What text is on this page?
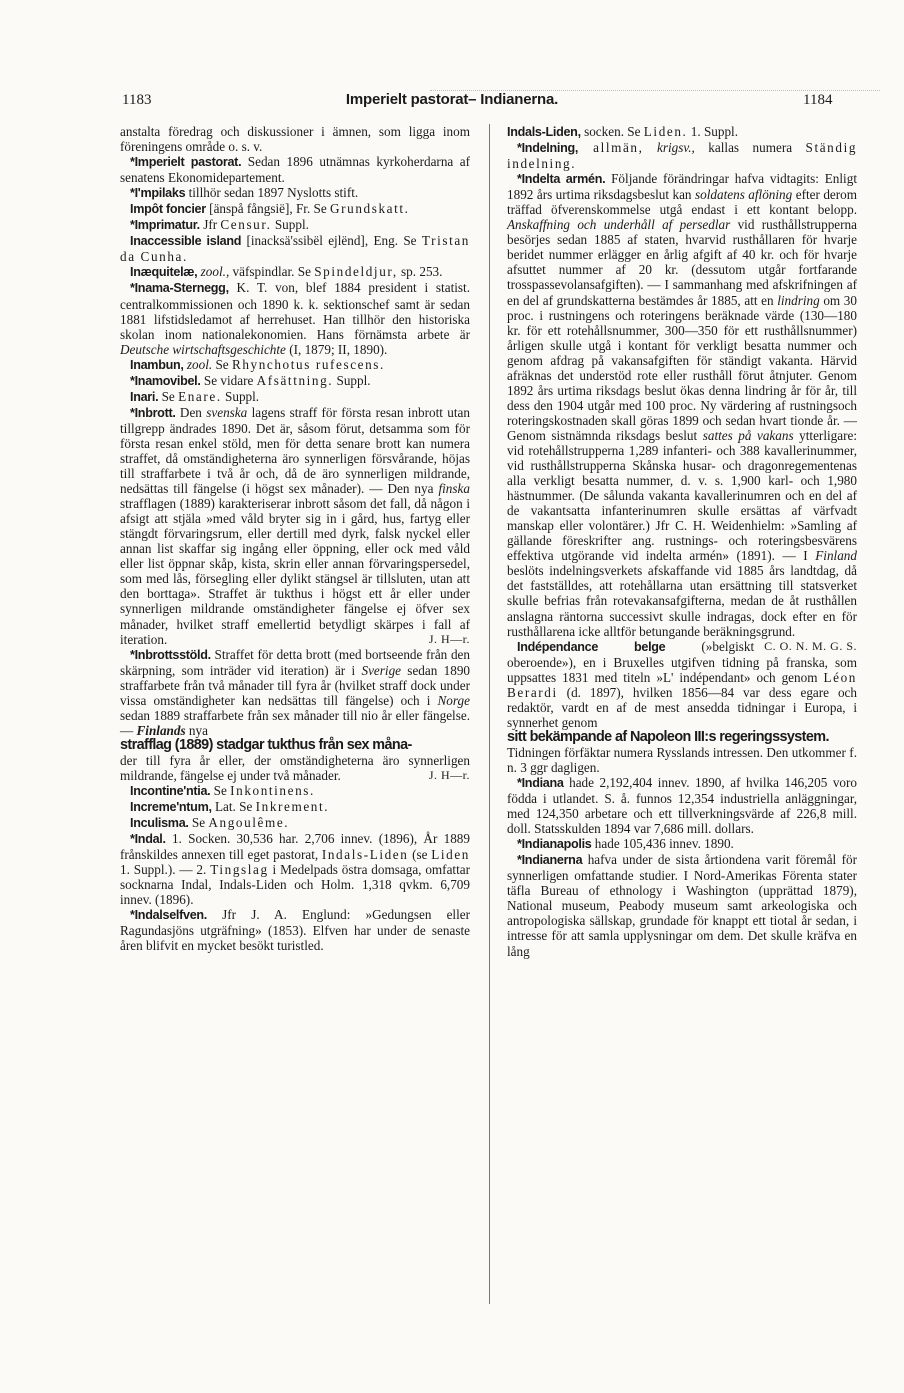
1183	Imperielt pastorat– Indianerna.	1184

anstalta föredrag och diskussioner i ämnen, som ligga inom föreningens område o. s. v.

*Imperielt pastorat. Sedan 1896 utnämnas kyrkoherdarna af senatens Ekonomidepartement.

*I'mpilaks tillhör sedan 1897 Nyslotts stift.

Impôt foncier [änspå fångsië], Fr. Se Grundskatt.

*Imprimatur. Jfr Censur. Suppl.

Inaccessible island [inacksä'ssibël ejlënd], Eng. Se Tristan da Cunha.

Inæquitelæ, zool., väfspindlar. Se Spindeldjur, sp. 253.

*Inama-Sternegg, K. T. von, blef 1884 president i statist. centralkommissionen och 1890 k. k. sektionschef samt är sedan 1881 lifstidsledamot af herrehuset. Han tillhör den historiska skolan inom nationalekonomien. Hans förnämsta arbete är Deutsche wirtschaftsgeschichte (I, 1879; II, 1890).

Inambun, zool. Se Rhynchotus rufescens.

*Inamovibel. Se vidare Afsättning. Suppl.

Inari. Se Enare. Suppl.

*Inbrott. Den svenska lagens straff för första resan inbrott utan tillgrepp ändrades 1890. Det är, såsom förut, detsamma som för första resan enkel stöld, men för detta senare brott kan numera straffet, då omständigheterna äro synnerligen försvårande, höjas till straffarbete i två år och, då de äro synnerligen mildrande, nedsättas till fängelse (i högst sex månader). — Den nya finska strafflagen (1889) karakteriserar inbrott såsom det fall, då någon i afsigt att stjäla »med våld bryter sig in i gård, hus, fartyg eller stängdt förvaringsrum, eller dertill med dyrk, falsk nyckel eller annan list skaffar sig ingång eller öppning, eller ock med våld eller list öppnar skåp, kista, skrin eller annan förvaringspersedel, som med lås, försegling eller dylikt stängsel är tillsluten, utan att den borttaga». Straffet är tukthus i högst ett år eller under synnerligen mildrande omständigheter fängelse ej öfver sex månader, hvilket straff emellertid betydligt skärpes i fall af iteration.	J. H—r.

*Inbrottsstöld. Straffet för detta brott (med bortseende från den skärpning, som inträder vid iteration) är i Sverige sedan 1890 straffarbete från två månader till fyra år (hvilket straff dock under vissa omständigheter kan nedsättas till fängelse) och i Norge sedan 1889 straffarbete från sex månader till nio år eller fängelse. — Finlands nya
strafflag (1889) stadgar tukthus från sex måna-
der till fyra år eller, der omständigheterna äro synnerligen mildrande, fängelse ej under två månader.	J. H—r.

Incontine'ntia. Se Inkontinens.

Increme'ntum, Lat. Se Inkrement.

Inculisma. Se Angoulême.

*Indal. 1. Socken. 30,536 har. 2,706 innev. (1896), År 1889 frånskildes annexen till eget pastorat, Indals-Liden (se Liden 1. Suppl.). — 2. Tingslag i Medelpads östra domsaga, omfattar socknarna Indal, Indals-Liden och Holm. 1,318 qvkm. 6,709 innev. (1896).

*Indalselfven. Jfr J. A. Englund: »Gedungsen eller Ragundasjöns utgräfning» (1853). Elfven har under de senaste åren blifvit en mycket besökt turistled.

Indals-Liden, socken. Se Liden. 1. Suppl.

*Indelning, allmän, krigsv., kallas numera Ständig indelning.

*Indelta armén. Följande förändringar hafva vidtagits: Enligt 1892 års urtima riksdagsbeslut kan soldatens aflöning efter derom träffad öfverenskommelse utgå endast i ett kontant belopp. Anskaffning och underhåll af persedlar vid rusthållstrupperna besörjes sedan 1885 af staten, hvarvid rusthållaren för hvarje beridet nummer erlägger en årlig afgift af 40 kr. och för hvarje afsuttet nummer af 20 kr. (dessutom utgår fortfarande trosspassevolansafgiften). — I sammanhang med afskrifningen af en del af grundskatterna bestämdes år 1885, att en lindring om 30 proc. i rustningens och roteringens beräknade värde (130—180 kr. för ett rotehållsnummer, 300—350 för ett rusthållsnummer) årligen skulle utgå i kontant för verkligt besatta nummer och genom afdrag på vakansafgiften för ständigt vakanta. Härvid afräknas det understöd rote eller rusthåll förut åtnjuter. Genom 1892 års urtima riksdags beslut ökas denna lindring år för år, till dess den 1904 utgår med 100 proc. Ny värdering af rustningsoch roteringskostnaden skall göras 1899 och sedan hvart tionde år. — Genom sistnämnda riksdags beslut sattes på vakans ytterligare: vid rotehållstrupperna 1,289 infanteri- och 388 kavallerinummer, vid rusthållstrupperna Skånska husar- och dragonregementenas alla verkligt besatta nummer, d. v. s. 1,900 karl- och 1,980 hästnummer. (De sålunda vakanta kavallerinumren och en del af de vakantsatta infanterinumren skulle ersättas af värfvadt manskap eller volontärer.) Jfr C. H. Weidenhielm: »Samling af gällande föreskrifter ang. rustnings- och roteringsbesvärens effektiva utgörande vid indelta armén» (1891). — I Finland beslöts indelningsverkets afskaffande vid 1885 års landtdag, då det fastställdes, att rotehållarna utan ersättning till statsverket skulle befrias från rotevakansafgifterna, medan de åt rusthållen anslagna räntorna successivt skulle indragas, dock efter en för rusthållarena icke alltför betungande beräkningsgrund.
C. O. N. M. G. S.

Indépendance belge (»belgiskt oberoende»), en i Bruxelles utgifven tidning på franska, som uppsattes 1831 med titeln »L' indépendant» och genom Léon Berardi (d. 1897), hvilken 1856—84 var dess egare och redaktör, vardt en af de mest ansedda tidningar i Europa, i synnerhet genom
sitt bekämpande af Napoleon III:s regeringssystem.
Tidningen förfäktar numera Rysslands intressen. Den utkommer f. n. 3 ggr dagligen.

*Indiana hade 2,192,404 innev. 1890, af hvilka 146,205 voro födda i utlandet. S. å. funnos 12,354 industriella anläggningar, med 124,350 arbetare och ett tillverkningsvärde af 226,8 mill. doll. Statsskulden 1894 var 7,686 mill. dollars.

*Indianapolis hade 105,436 innev. 1890.

*Indianerna hafva under de sista årtiondena varit föremål för synnerligen omfattande studier. I Nord-Amerikas Förenta stater täfla Bureau of ethnology i Washington (upprättad 1879), National museum, Peabody museum samt arkeologiska och antropologiska sällskap, grundade för knappt ett tiotal år sedan, i intresse för att samla upplysningar om dem. Det skulle kräfva en lång
